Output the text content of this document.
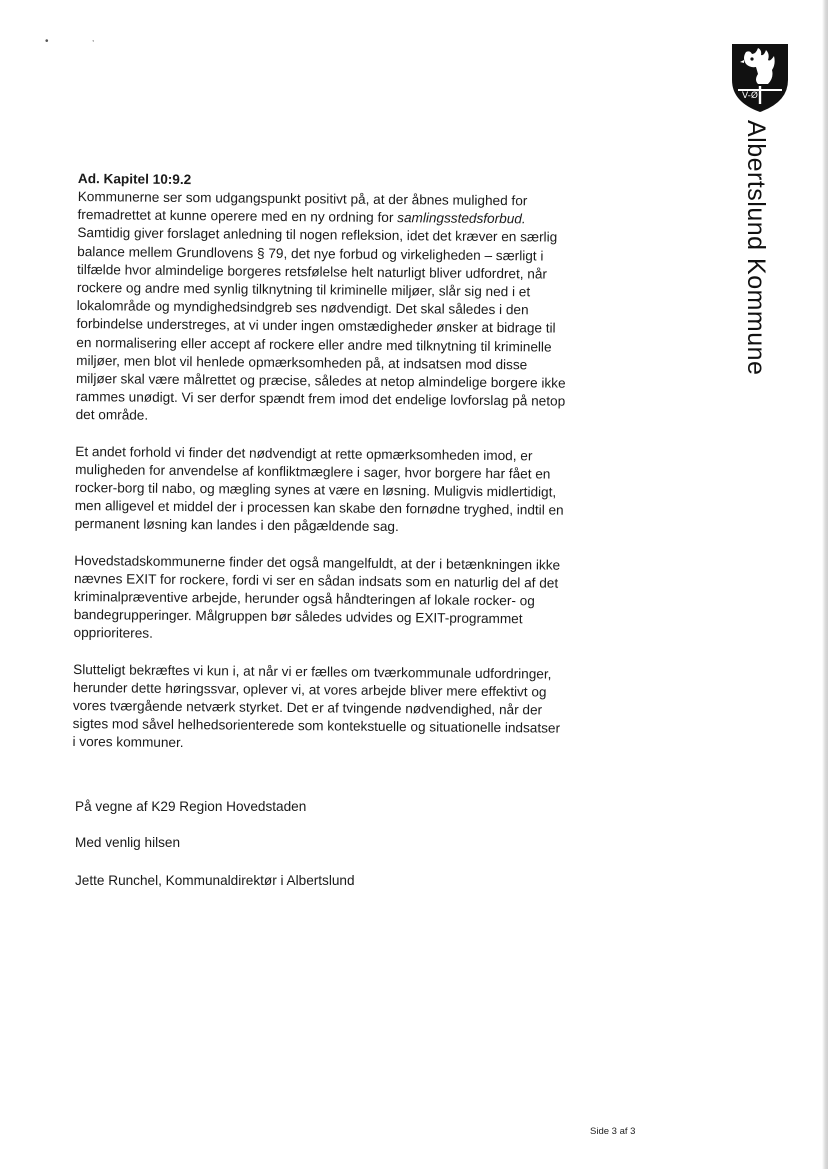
•	,
V-Ø
Albertslund Kommune

Ad. Kapitel 10:9.2

Kommunerne ser som udgangspunkt positivt på, at der åbnes mulighed for fremadrettet at kunne operere med en ny ordning for samlingsstedsforbud. Samtidig giver forslaget anledning til nogen refleksion, idet det kræver en særlig balance mellem Grundlovens § 79, det nye forbud og virkeligheden – særligt i tilfælde hvor almindelige borgeres retsfølelse helt naturligt bliver udfordret, når rockere og andre med synlig tilknytning til kriminelle miljøer, slår sig ned i et lokalområde og myndighedsindgreb ses nødvendigt. Det skal således i den forbindelse understreges, at vi under ingen omstædigheder ønsker at bidrage til en normalisering eller accept af rockere eller andre med tilknytning til kriminelle miljøer, men blot vil henlede opmærksomheden på, at indsatsen mod disse miljøer skal være målrettet og præcise, således at netop almindelige borgere ikke rammes unødigt. Vi ser derfor spændt frem imod det endelige lovforslag på netop det område.

Et andet forhold vi finder det nødvendigt at rette opmærksomheden imod, er muligheden for anvendelse af konfliktmæglere i sager, hvor borgere har fået en rocker-borg til nabo, og mægling synes at være en løsning. Muligvis midlertidigt, men alligevel et middel der i processen kan skabe den fornødne tryghed, indtil en permanent løsning kan landes i den pågældende sag.

Hovedstadskommunerne finder det også mangelfuldt, at der i betænkningen ikke nævnes EXIT for rockere, fordi vi ser en sådan indsats som en naturlig del af det kriminalpræventive arbejde, herunder også håndteringen af lokale rocker- og bandegrupperinger. Målgruppen bør således udvides og EXIT-programmet opprioriteres.

Slutteligt bekræftes vi kun i, at når vi er fælles om tværkommunale udfordringer, herunder dette høringssvar, oplever vi, at vores arbejde bliver mere effektivt og vores tværgående netværk styrket. Det er af tvingende nødvendighed, når der sigtes mod såvel helhedsorienterede som kontekstuelle og situationelle indsatser i vores kommuner.

På vegne af K29 Region Hovedstaden
Med venlig hilsen
Jette Runchel, Kommunaldirektør i Albertslund
Side 3 af 3
